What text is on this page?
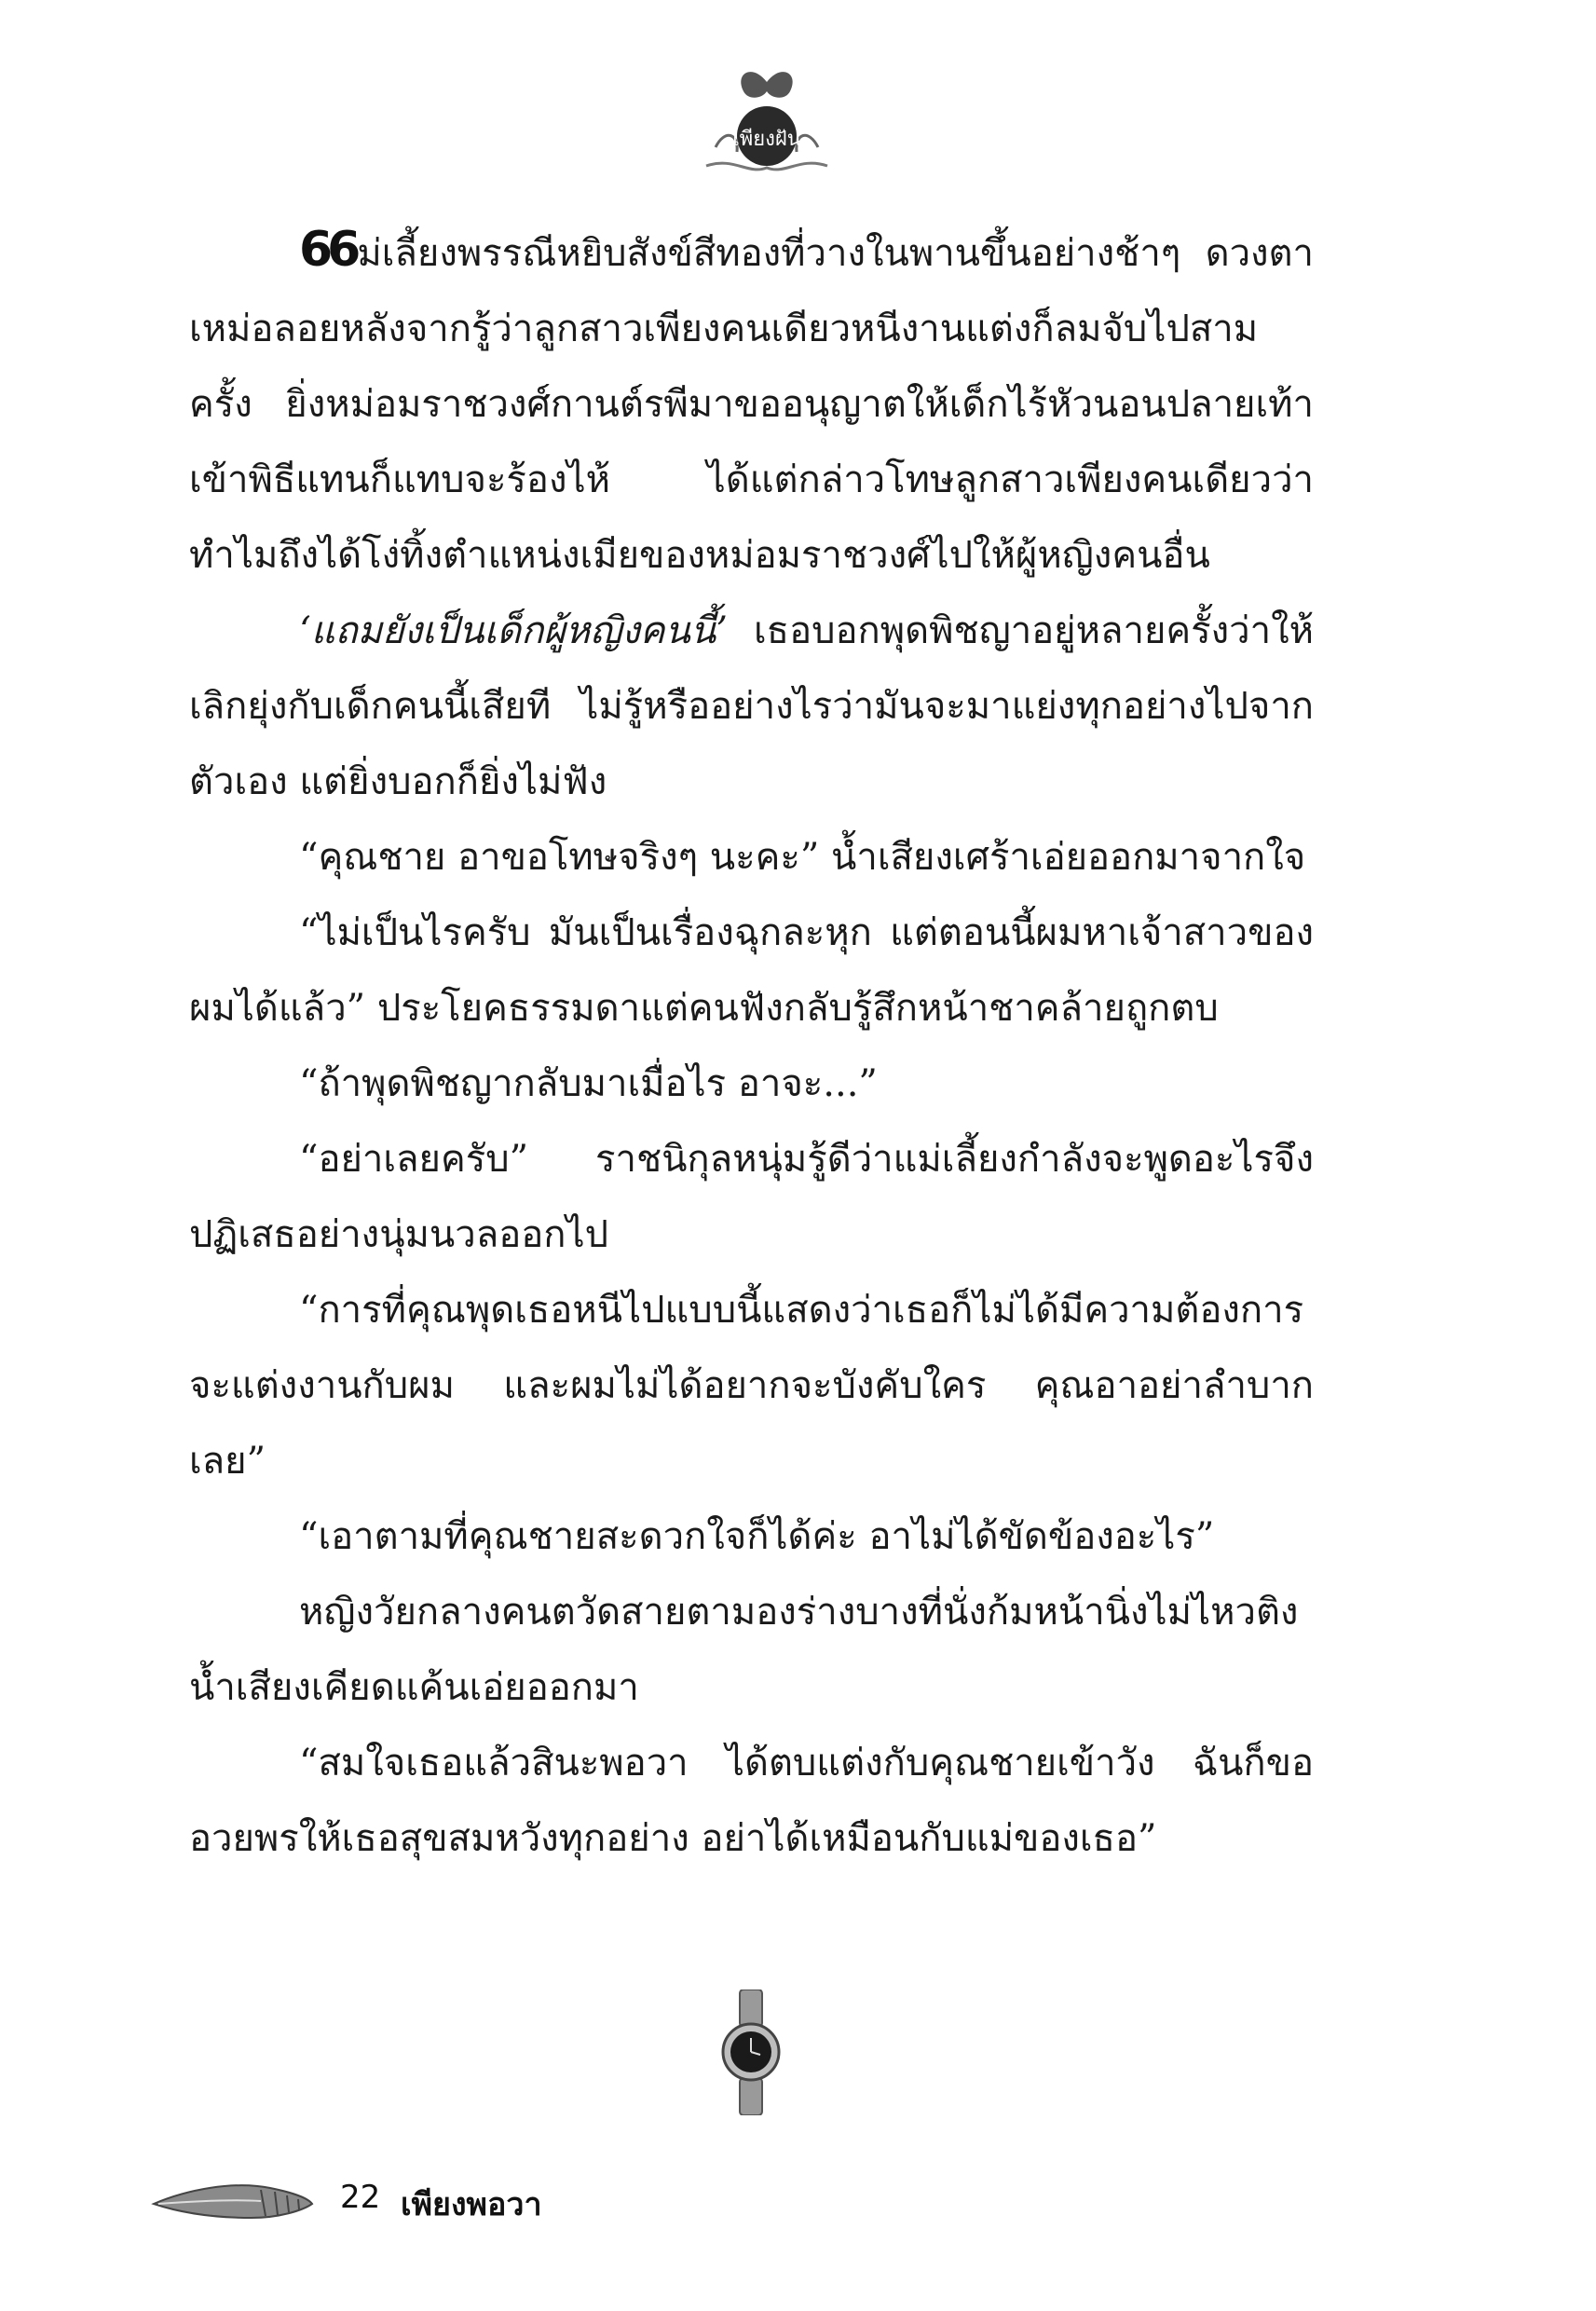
เพียงฝัน

66ม่เลี้ยงพรรณีหยิบสังข์สีทองที่วางในพานขึ้นอย่างช้าๆ ดวงตาเหม่อลอยหลังจากรู้ว่าลูกสาวเพียงคนเดียวหนีงานแต่งก็ลมจับไปสามครั้ง ยิ่งหม่อมราชวงศ์กานต์รพีมาขออนุญาตให้เด็กไร้หัวนอนปลายเท้าเข้าพิธีแทนก็แทบจะร้องไห้ ได้แต่กล่าวโทษลูกสาวเพียงคนเดียวว่าทำไมถึงได้โง่ทิ้งตำแหน่งเมียของหม่อมราชวงศ์ไปให้ผู้หญิงคนอื่น

‘แถมยังเป็นเด็กผู้หญิงคนนี้’ เธอบอกพุดพิชญาอยู่หลายครั้งว่าให้เลิกยุ่งกับเด็กคนนี้เสียที ไม่รู้หรืออย่างไรว่ามันจะมาแย่งทุกอย่างไปจากตัวเอง แต่ยิ่งบอกก็ยิ่งไม่ฟัง

“คุณชาย อาขอโทษจริงๆ นะคะ” น้ำเสียงเศร้าเอ่ยออกมาจากใจ

“ไม่เป็นไรครับ มันเป็นเรื่องฉุกละหุก แต่ตอนนี้ผมหาเจ้าสาวของผมได้แล้ว” ประโยคธรรมดาแต่คนฟังกลับรู้สึกหน้าชาคล้ายถูกตบ

“ถ้าพุดพิชญากลับมาเมื่อไร อาจะ...”

“อย่าเลยครับ” ราชนิกุลหนุ่มรู้ดีว่าแม่เลี้ยงกำลังจะพูดอะไรจึงปฏิเสธอย่างนุ่มนวลออกไป

“การที่คุณพุดเธอหนีไปแบบนี้แสดงว่าเธอก็ไม่ได้มีความต้องการจะแต่งงานกับผม และผมไม่ได้อยากจะบังคับใคร คุณอาอย่าลำบากเลย”

“เอาตามที่คุณชายสะดวกใจก็ได้ค่ะ อาไม่ได้ขัดข้องอะไร”

หญิงวัยกลางคนตวัดสายตามองร่างบางที่นั่งก้มหน้านิ่งไม่ไหวติงน้ำเสียงเคียดแค้นเอ่ยออกมา

“สมใจเธอแล้วสินะพอวา ได้ตบแต่งกับคุณชายเข้าวัง ฉันก็ขออวยพรให้เธอสุขสมหวังทุกอย่าง อย่าได้เหมือนกับแม่ของเธอ”

22 เพียงพอวา
